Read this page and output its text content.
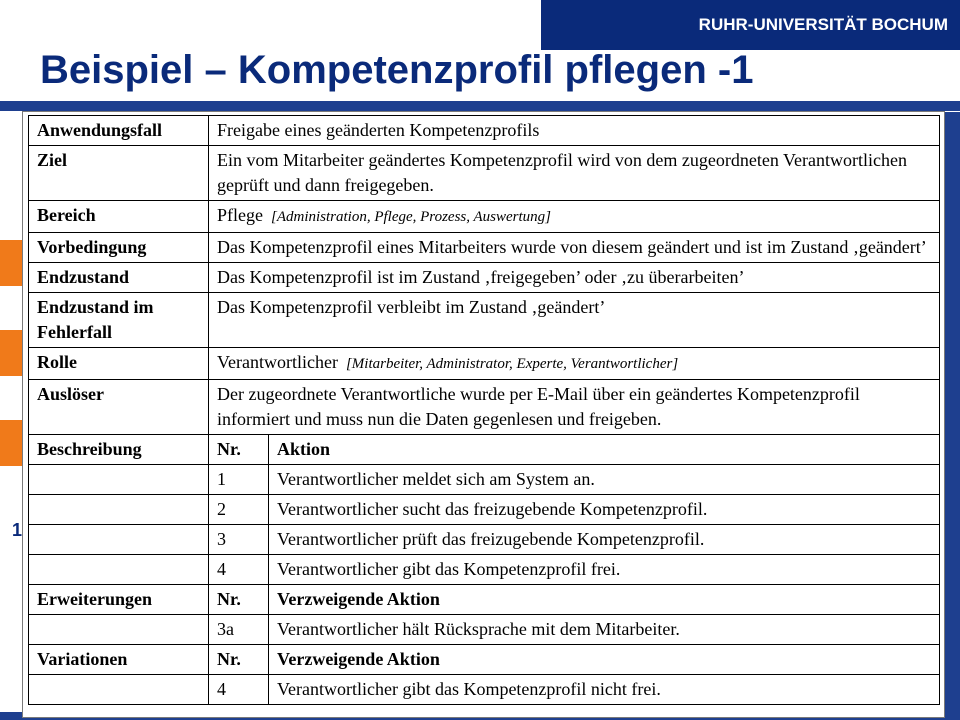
RUHR-UNIVERSITÄT BOCHUM
Beispiel – Kompetenzprofil pflegen -1
1
Anwendungsfall	Freigabe eines geänderten Kompetenzprofils	
Ziel	Ein vom Mitarbeiter geändertes Kompetenzprofil wird von dem zugeordneten Verantwortlichen geprüft und dann freigegeben.	
Bereich	Pflege [Administration, Pflege, Prozess, Auswertung]	
Vorbedingung	Das Kompetenzprofil eines Mitarbeiters wurde von diesem geändert und ist im Zustand ‚geändert’	
Endzustand	Das Kompetenzprofil ist im Zustand ‚freigegeben’ oder ‚zu überarbeiten’	
Endzustand im Fehlerfall	Das Kompetenzprofil verbleibt im Zustand ‚geändert’	
Rolle	Verantwortlicher [Mitarbeiter, Administrator, Experte, Verantwortlicher]	
Auslöser	Der zugeordnete Verantwortliche wurde per E-Mail über ein geändertes Kompetenzprofil informiert und muss nun die Daten gegenlesen und freigeben.	
Beschreibung	Nr.	Aktion
	1	Verantwortlicher meldet sich am System an.
	2	Verantwortlicher sucht das freizugebende Kompetenzprofil.
	3	Verantwortlicher prüft das freizugebende Kompetenzprofil.
	4	Verantwortlicher gibt das Kompetenzprofil frei.
Erweiterungen	Nr.	Verzweigende Aktion
	3a	Verantwortlicher hält Rücksprache mit dem Mitarbeiter.
Variationen	Nr.	Verzweigende Aktion
	4	Verantwortlicher gibt das Kompetenzprofil nicht frei.
